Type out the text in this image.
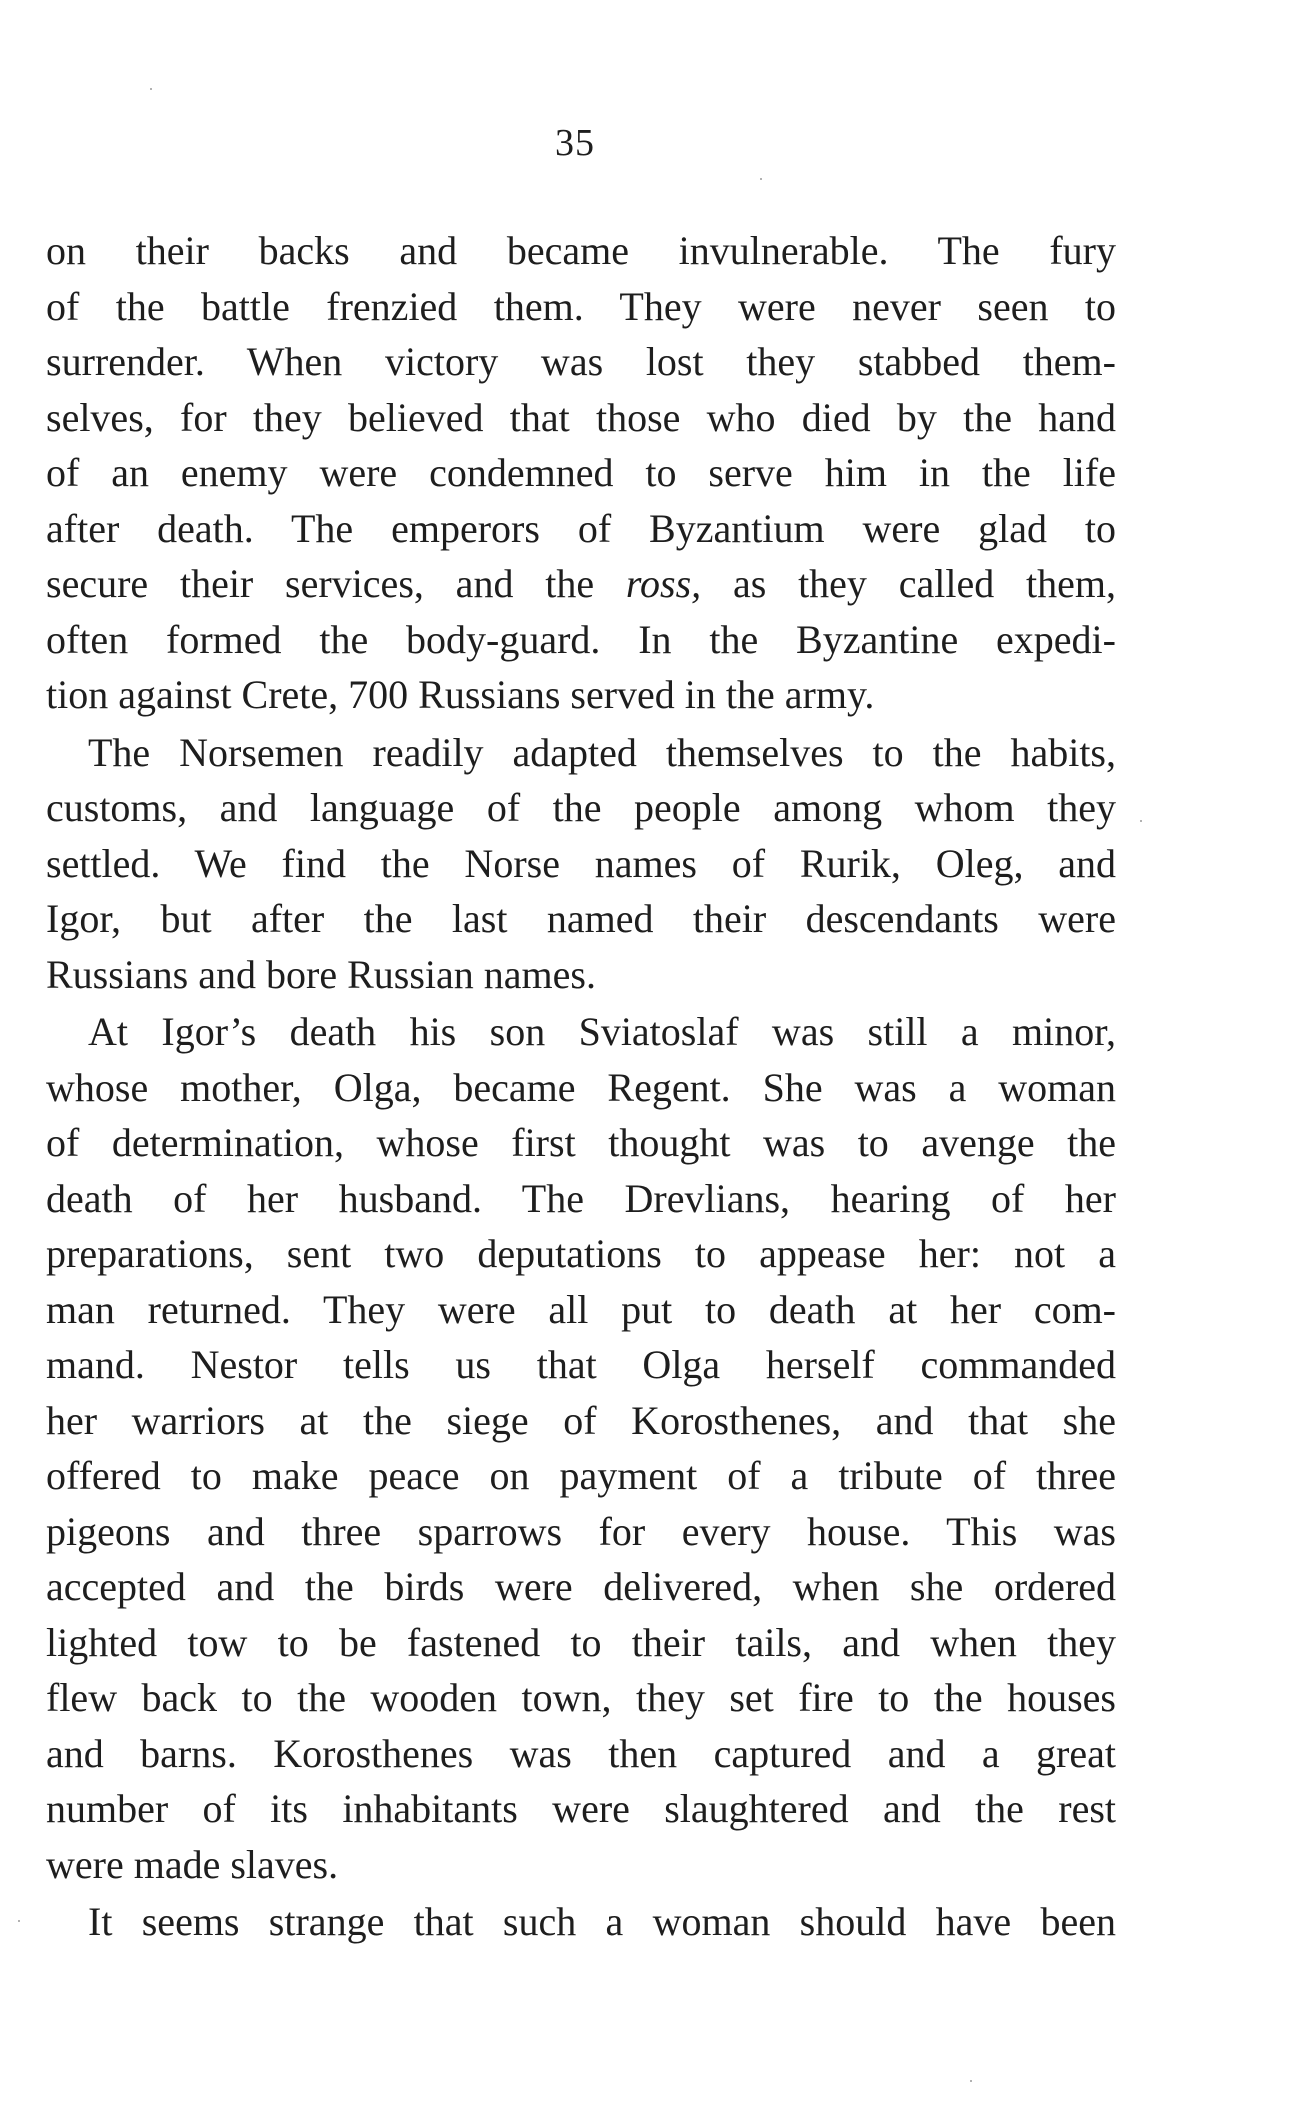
35
on their backs and became invulnerable. The fury
of the battle frenzied them. They were never seen to
surrender. When victory was lost they stabbed them-
selves, for they believed that those who died by the hand
of an enemy were condemned to serve him in the life
after death. The emperors of Byzantium were glad to
secure their services, and the ross, as they called them,
often formed the body-guard. In the Byzantine expedi-
tion against Crete, 700 Russians served in the army.
The Norsemen readily adapted themselves to the habits,
customs, and language of the people among whom they
settled. We find the Norse names of Rurik, Oleg, and
Igor, but after the last named their descendants were
Russians and bore Russian names.
At Igor’s death his son Sviatoslaf was still a minor,
whose mother, Olga, became Regent. She was a woman
of determination, whose first thought was to avenge the
death of her husband. The Drevlians, hearing of her
preparations, sent two deputations to appease her: not a
man returned. They were all put to death at her com-
mand. Nestor tells us that Olga herself commanded
her warriors at the siege of Korosthenes, and that she
offered to make peace on payment of a tribute of three
pigeons and three sparrows for every house. This was
accepted and the birds were delivered, when she ordered
lighted tow to be fastened to their tails, and when they
flew back to the wooden town, they set fire to the houses
and barns. Korosthenes was then captured and a great
number of its inhabitants were slaughtered and the rest
were made slaves.
It seems strange that such a woman should have been
